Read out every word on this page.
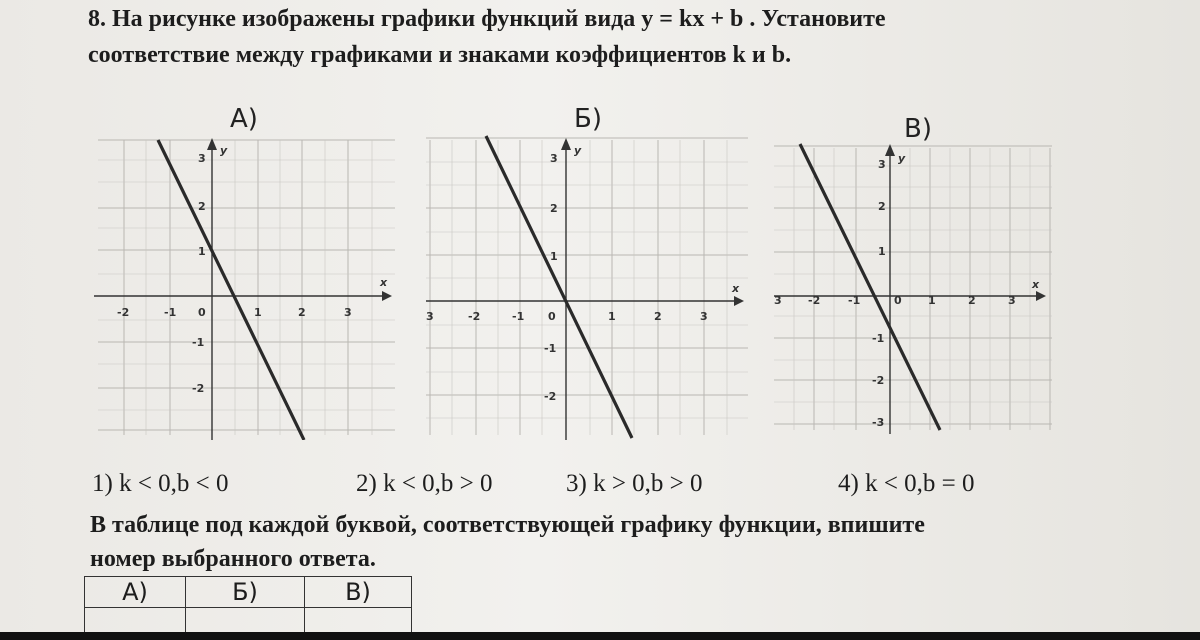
8. На рисунке изображены графики функций вида y = kx + b . Установите
соответствие между графиками и знаками коэффициентов k и b.
А)
-2	-1 0	1	2	3
3
2
1
-1
-2
x
y
Б)
3	-2	-1 0	1	2	3
3
2
1
-1
-2
x
y
В)
3 -2	-1	0 1	2	3
3
2
1
-1
-2
-3
x
y
1) k < 0,b < 0	2) k < 0,b > 0	3) k > 0,b > 0	4) k < 0,b = 0
В таблице под каждой буквой, соответствующей графику функции, впишите
номер выбранного ответа.
А)	Б)	В)
